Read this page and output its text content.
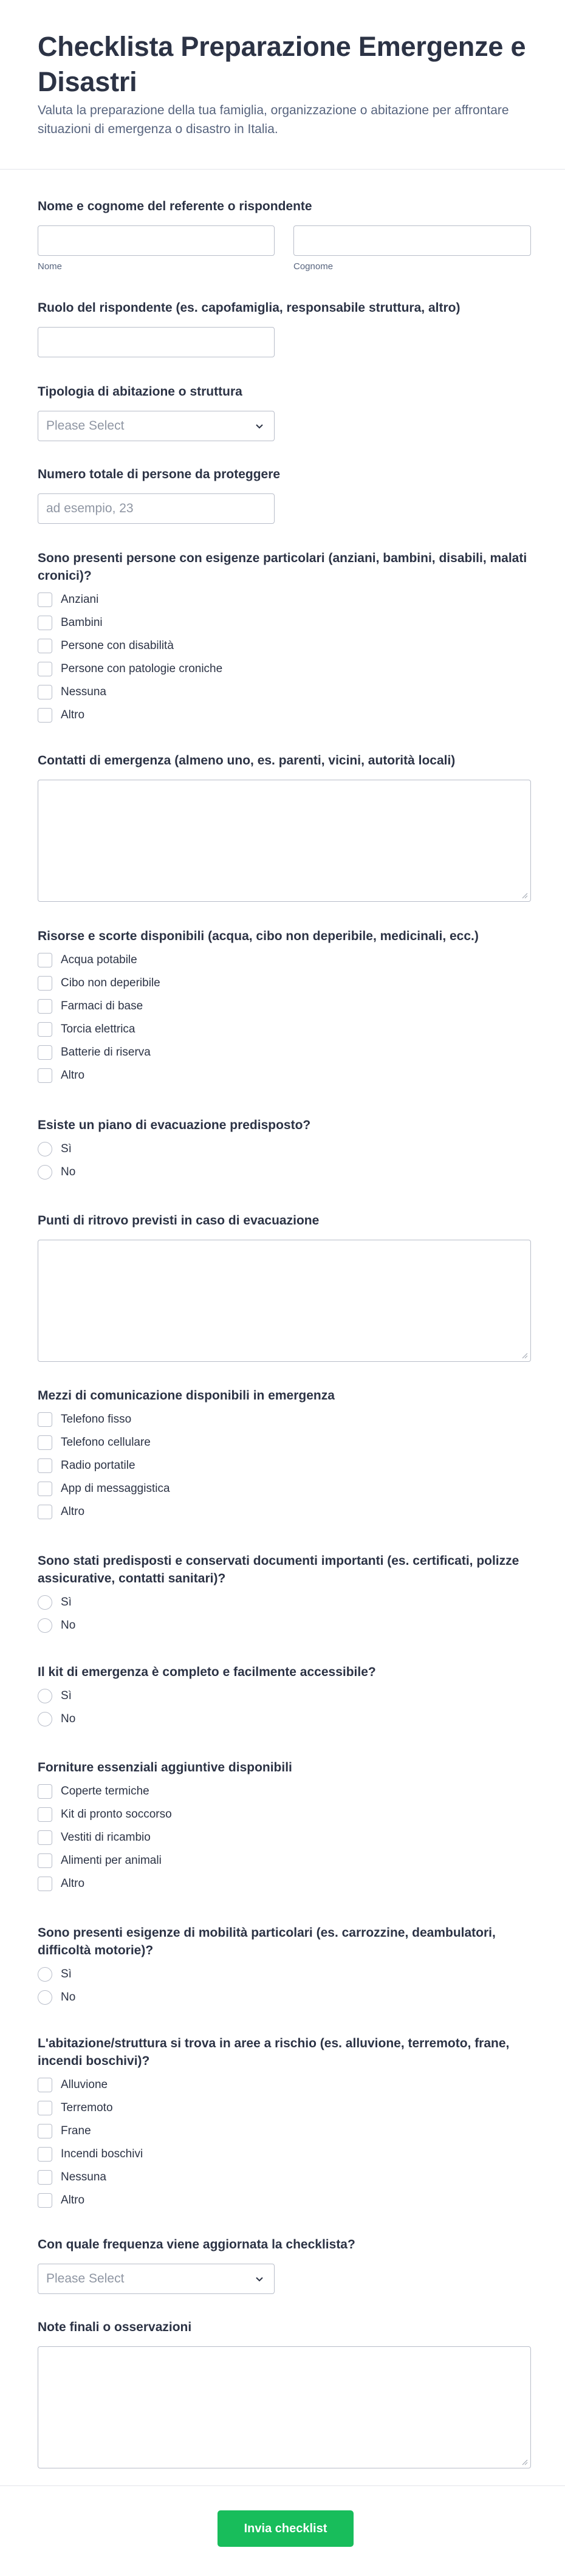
Checklista Preparazione Emergenze e Disastri

Valuta la preparazione della tua famiglia, organizzazione o abitazione per affrontare situazioni di emergenza o disastro in Italia.

Nome e cognome del referente o rispondente
Nome	Cognome
Ruolo del rispondente (es. capofamiglia, responsabile struttura, altro)
Tipologia di abitazione o struttura
Please Select
Numero totale di persone da proteggere
ad esempio, 23
Sono presenti persone con esigenze particolari (anziani, bambini, disabili, malati cronici)?
Anziani
Bambini
Persone con disabilità
Persone con patologie croniche
Nessuna
Altro
Contatti di emergenza (almeno uno, es. parenti, vicini, autorità locali)
Risorse e scorte disponibili (acqua, cibo non deperibile, medicinali, ecc.)
Acqua potabile
Cibo non deperibile
Farmaci di base
Torcia elettrica
Batterie di riserva
Altro
Esiste un piano di evacuazione predisposto?
Sì
No
Punti di ritrovo previsti in caso di evacuazione
Mezzi di comunicazione disponibili in emergenza
Telefono fisso
Telefono cellulare
Radio portatile
App di messaggistica
Altro
Sono stati predisposti e conservati documenti importanti (es. certificati, polizze assicurative, contatti sanitari)?
Sì
No
Il kit di emergenza è completo e facilmente accessibile?
Sì
No
Forniture essenziali aggiuntive disponibili
Coperte termiche
Kit di pronto soccorso
Vestiti di ricambio
Alimenti per animali
Altro
Sono presenti esigenze di mobilità particolari (es. carrozzine, deambulatori, difficoltà motorie)?
Sì
No
L'abitazione/struttura si trova in aree a rischio (es. alluvione, terremoto, frane, incendi boschivi)?
Alluvione
Terremoto
Frane
Incendi boschivi
Nessuna
Altro
Con quale frequenza viene aggiornata la checklista?
Please Select
Note finali o osservazioni
Invia checklist
